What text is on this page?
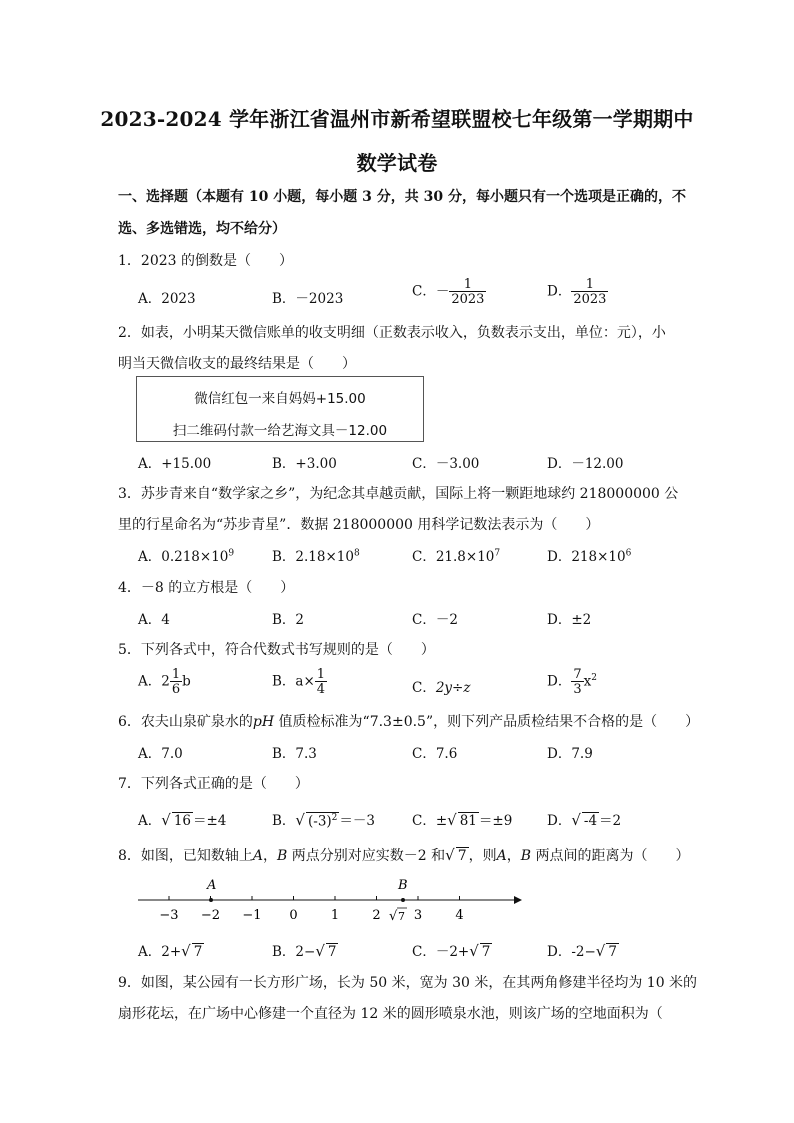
2023-2024 学年浙江省温州市新希望联盟校七年级第一学期期中
数学试卷
一、选择题（本题有 10 小题，每小题 3 分，共 30 分，每小题只有一个选项是正确的，不
选、多选错选，均不给分）
1．2023 的倒数是（　　）
A．2023	B．－2023	C．－ $\frac{1}{2023}$	D． $\frac{1}{2023}$
2．如表，小明某天微信账单的收支明细（正数表示收入，负数表示支出，单位：元），小
明当天微信收支的最终结果是（　　）
微信红包一来自妈妈+15.00
扫二维码付款一给艺海文具－12.00
A．+15.00	B．+3.00	C．－3.00	D．－12.00
3．苏步青来自“数学家之乡”，为纪念其卓越贡献，国际上将一颗距地球约 218000000 公
里的行星命名为“苏步青星”．数据 218000000 用科学记数法表示为（　　）
A．$0.218\times 10^9$	B．$2.18\times 10^8$	C．$21.8\times 10^7$	D．$218\times 10^6$
4．－8 的立方根是（　　）
A．4	B．2	C．－2	D．±2
5．下列各式中，符合代数式书写规则的是（　　）
A．$2 \frac{1}{6}$ b	B．$a\times \frac{1}{4}$	C．2y÷z	D． $\frac{7}{3} x^2$
6．农夫山泉矿泉水的pH 值质检标准为“7.3±0.5”，则下列产品质检结果不合格的是（　　）
A．7.0	B．7.3	C．7.6	D．7.9
7．下列各式正确的是（　　）
A．√ 16 ＝±4	B．√ $(-3)^2 =-3$	C．±√ 81 ＝±9	D．√ -4 ＝2
8．如图，已知数轴上A，B 两点分别对应实数－2 和√ 7 ，则A，B 两点间的距离为（　　）
−3 −2 −1 0	1	2	3	4
A	B
√ 7
A．2+√ 7	B．2−√ 7	C．－2+√ 7	D．-2−√ 7
9．如图，某公园有一长方形广场，长为 50 米，宽为 30 米，在其两角修建半径均为 10 米的
扇形花坛，在广场中心修建一个直径为 12 米的圆形喷泉水池，则该广场的空地面积为（
